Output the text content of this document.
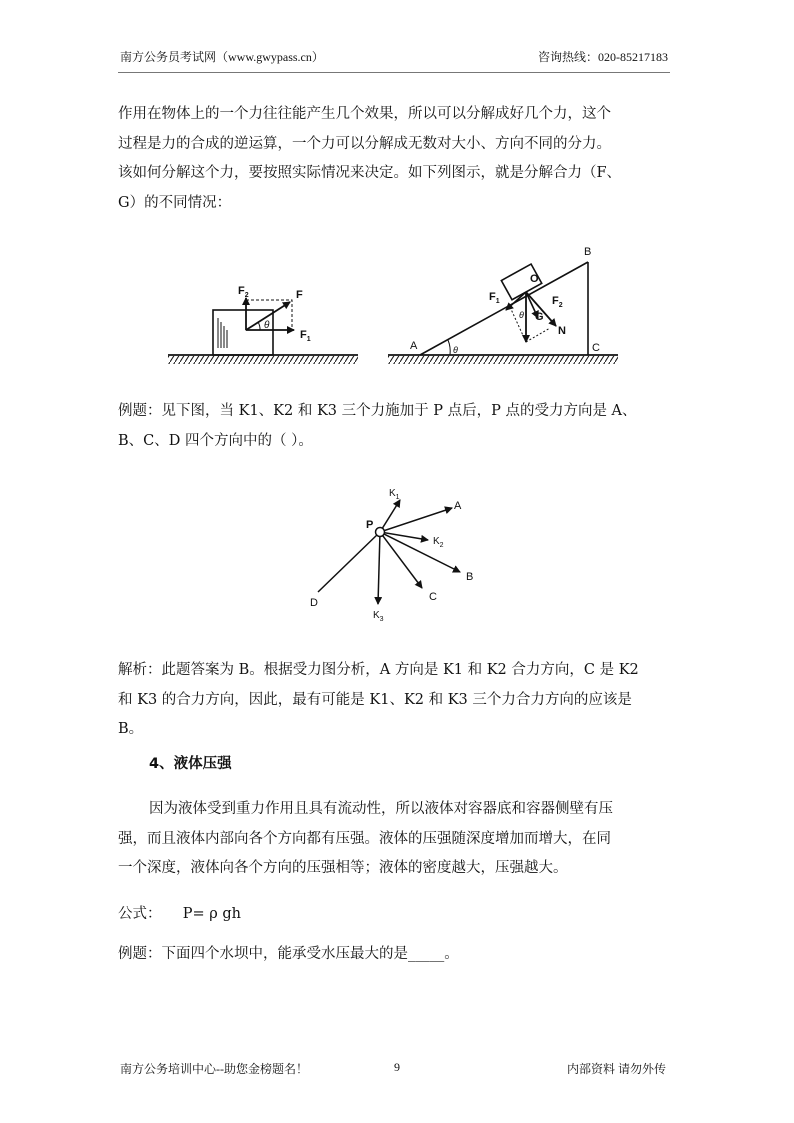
南方公务员考试网（www.gwypass.cn）	咨询热线：020-85217183

作用在物体上的一个力往往能产生几个效果，所以可以分解成好几个力，这个
过程是力的合成的逆运算，一个力可以分解成无数对大小、方向不同的分力。
该如何分解这个力，要按照实际情况来决定。如下列图示，就是分解合力（F、
G）的不同情况：

$F_2$	F
$F_1$
θ
O
B
A	C
$F_1$	$F_2$
G
N
θ
θ

例题：见下图，当 K1、K2 和 K3 三个力施加于 P 点后，P 点的受力方向是 A、
B、C、D 四个方向中的（ ）。

P
$K_1$
A
$K_2$
B
C
$K_3$
D

解析：此题答案为 B。根据受力图分析，A 方向是 K1 和 K2 合力方向，C 是 K2
和 K3 的合力方向，因此，最有可能是 K1、K2 和 K3 三个力合力方向的应该是
B。

4、液体压强

因为液体受到重力作用且具有流动性，所以液体对容器底和容器侧壁有压
强，而且液体内部向各个方向都有压强。液体的压强随深度增加而增大，在同
一个深度，液体向各个方向的压强相等；液体的密度越大，压强越大。

公式： P= ρ gh
例题：下面四个水坝中，能承受水压最大的是_____。
南方公务培训中心--助您金榜题名！	9	内部资料 请勿外传
